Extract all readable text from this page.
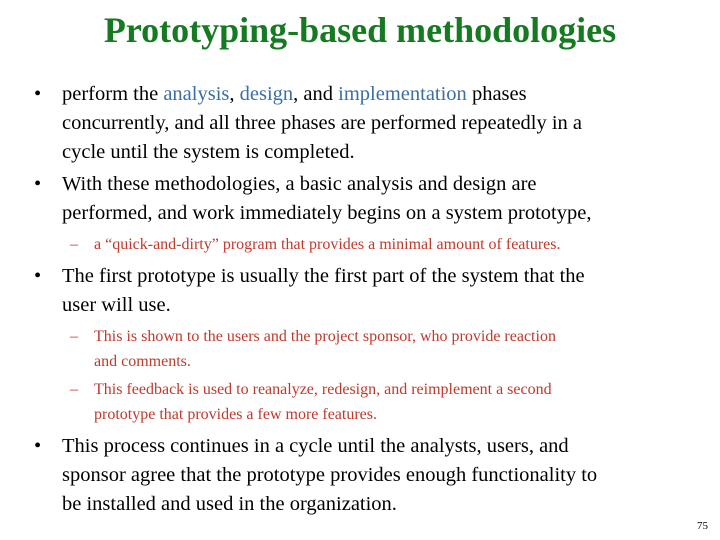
Prototyping-based methodologies
• perform the analysis, design, and implementation phases
concurrently, and all three phases are performed repeatedly in a
cycle until the system is completed.
• With these methodologies, a basic analysis and design are
performed, and work immediately begins on a system prototype,
– a “quick-and-dirty” program that provides a minimal amount of features.
• The first prototype is usually the first part of the system that the
user will use.
– This is shown to the users and the project sponsor, who provide reaction
and comments.
– This feedback is used to reanalyze, redesign, and reimplement a second
prototype that provides a few more features.
• This process continues in a cycle until the analysts, users, and
sponsor agree that the prototype provides enough functionality to
be installed and used in the organization.
75
